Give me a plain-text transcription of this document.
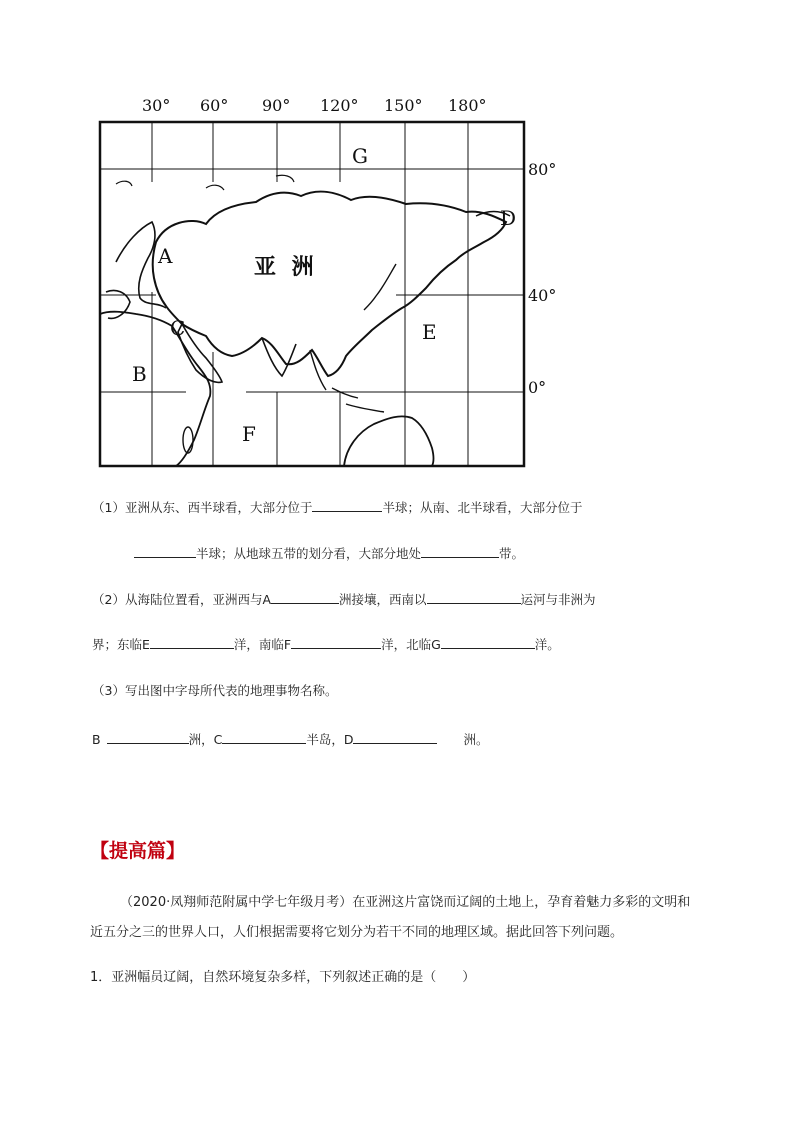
30° 60° 90° 120° 150° 180°
80°
40°
0°
G
D
A
C	E
B
F
亚 洲
（1）亚洲从东、西半球看，大部分位于	半球；从南、北半球看，大部分位于
半球；从地球五带的划分看，大部分地处	带。
（2）从海陆位置看，亚洲西与A	洲接壤，西南以	运河与非洲为
界；东临E	洋，南临F	洋，北临G	洋。
（3）写出图中字母所代表的地理事物名称。
B	洲，C	半岛，D	洲。
【提高篇】
（2020·凤翔师范附属中学七年级月考）在亚洲这片富饶而辽阔的土地上，孕育着魅力多彩的文明和
近五分之三的世界人口，人们根据需要将它划分为若干不同的地理区域。据此回答下列问题。
1．亚洲幅员辽阔，自然环境复杂多样，下列叙述正确的是（　　）
